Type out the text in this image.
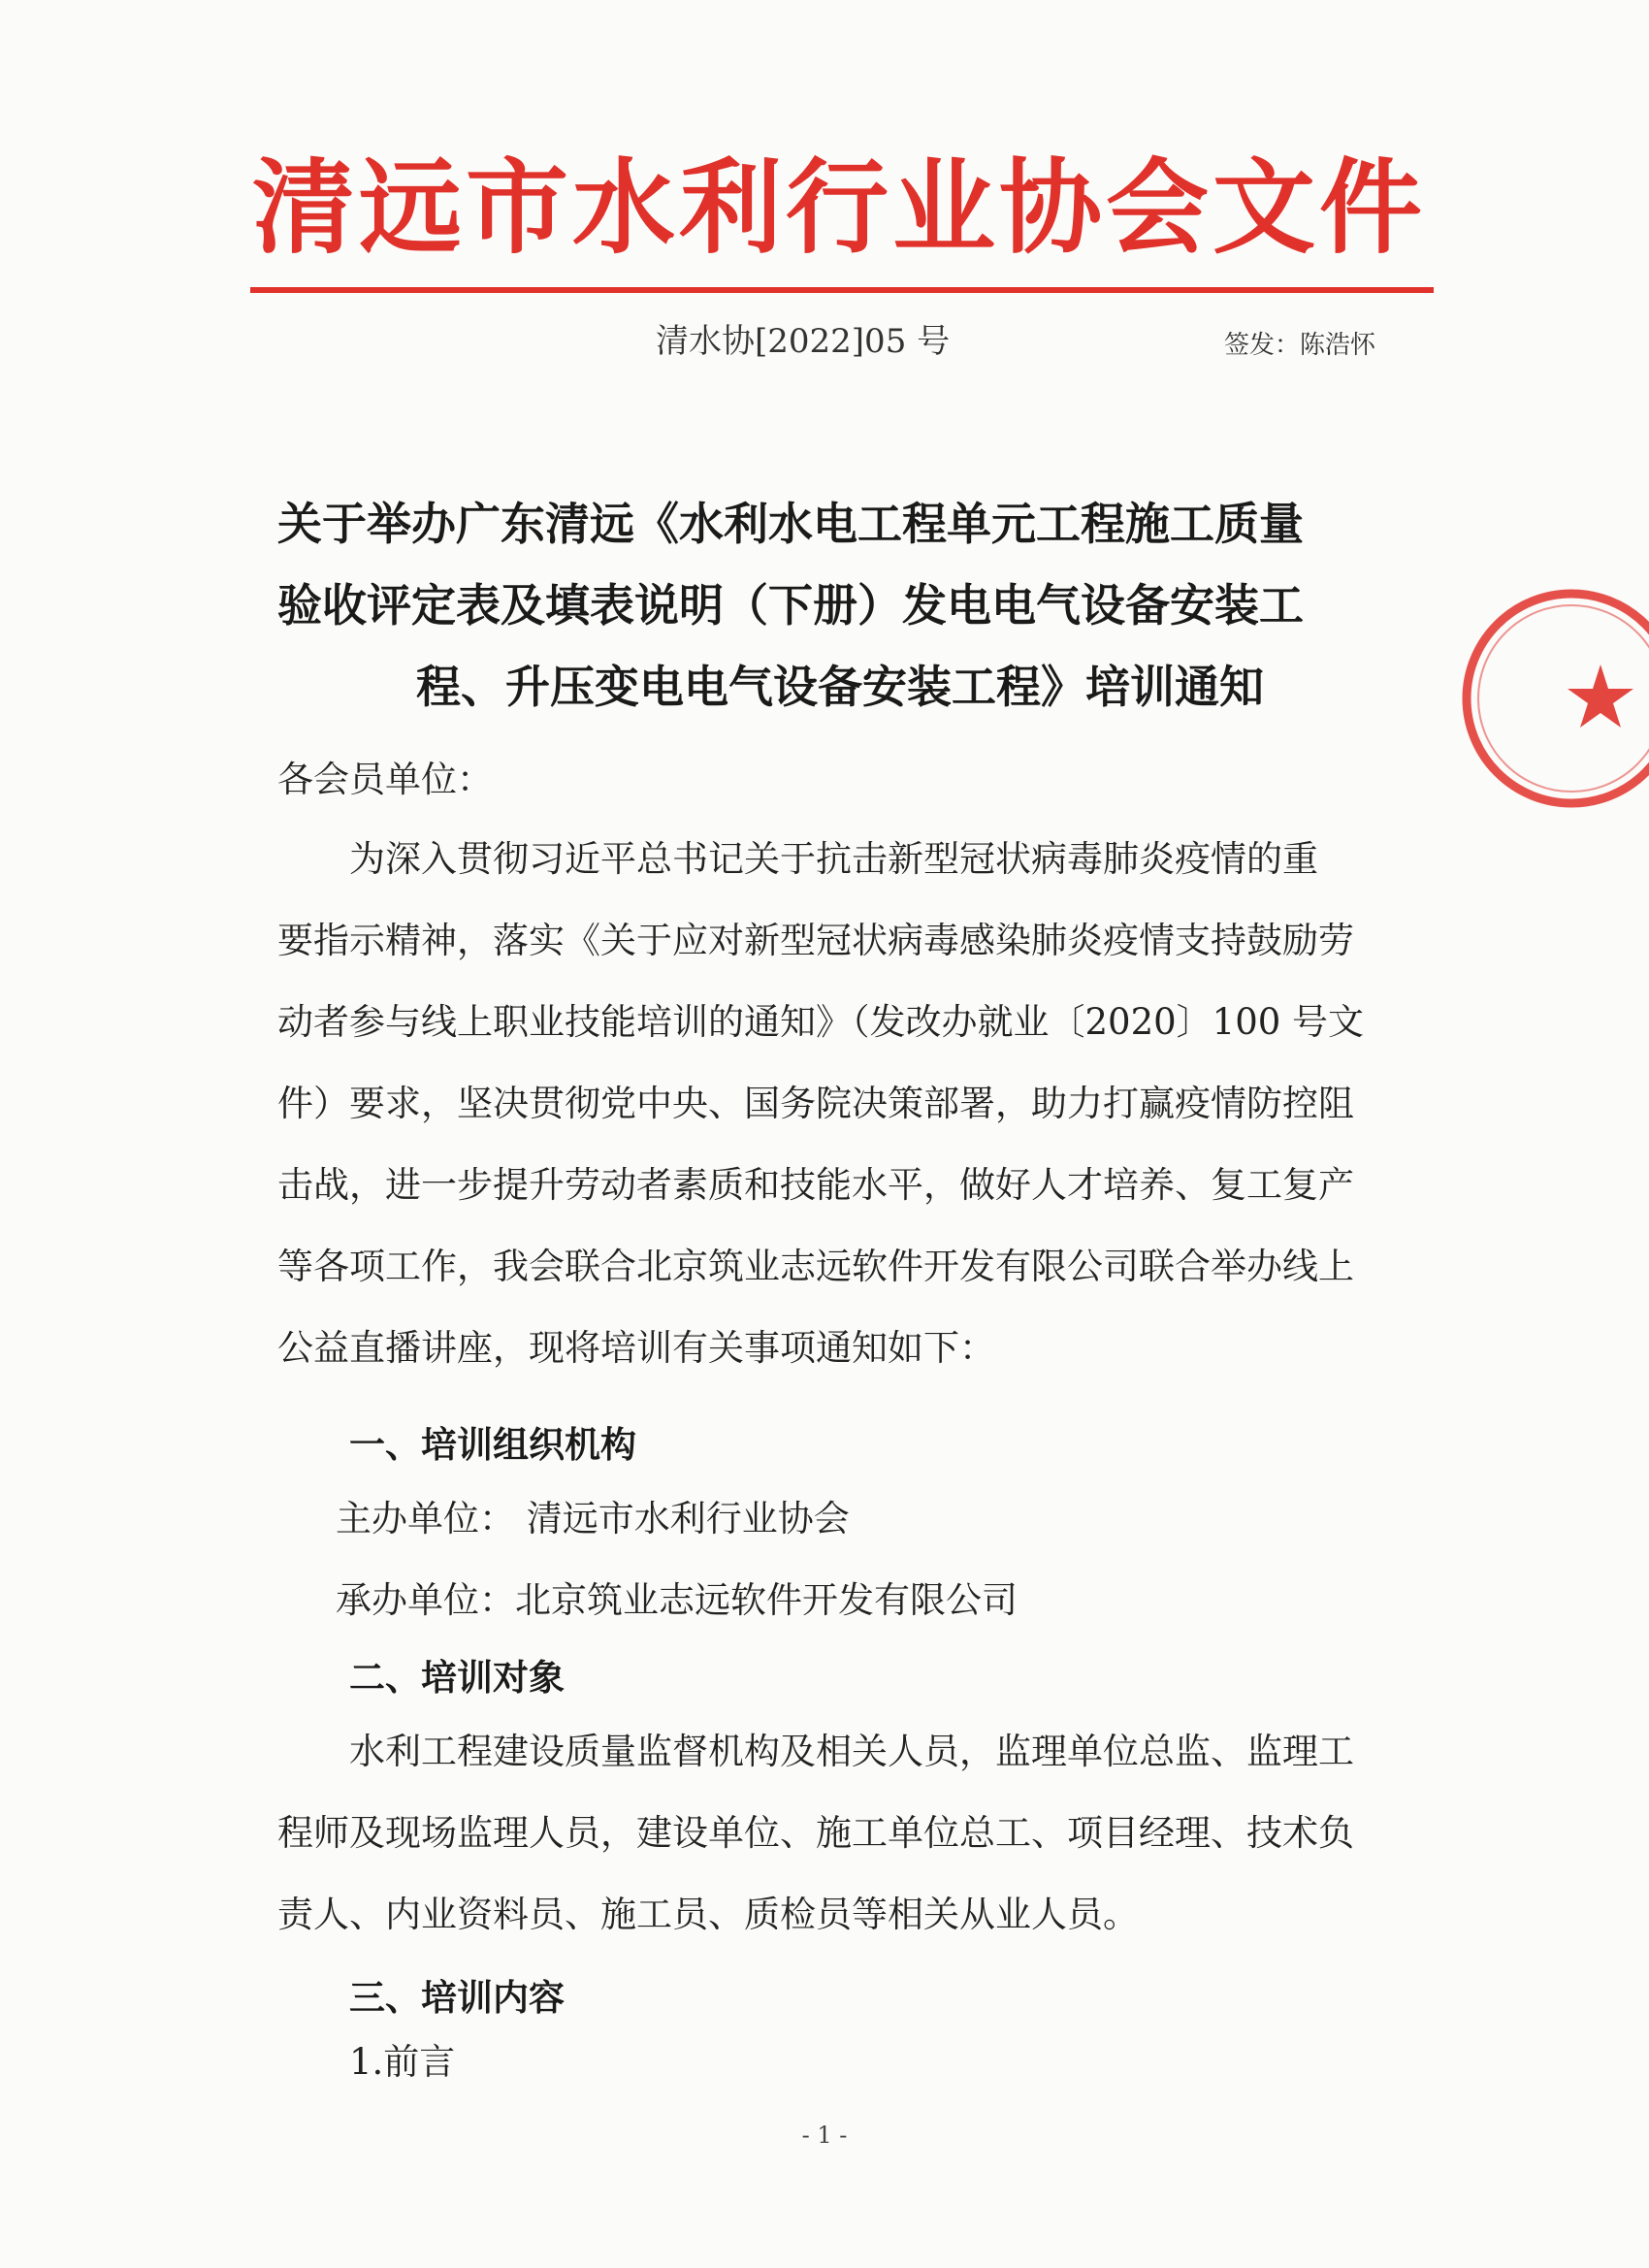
清远市水利行业协会文件
清水协[2022]05 号	签发：陈浩怀
关于举办广东清远《水利水电工程单元工程施工质量
验收评定表及填表说明（下册）发电电气设备安装工
程、升压变电电气设备安装工程》培训通知
各会员单位：
为深入贯彻习近平总书记关于抗击新型冠状病毒肺炎疫情的重
要指示精神，落实《关于应对新型冠状病毒感染肺炎疫情支持鼓励劳
动者参与线上职业技能培训的通知》（发改办就业〔2020〕100 号文
件）要求，坚决贯彻党中央、国务院决策部署，助力打赢疫情防控阻
击战，进一步提升劳动者素质和技能水平，做好人才培养、复工复产
等各项工作，我会联合北京筑业志远软件开发有限公司联合举办线上
公益直播讲座，现将培训有关事项通知如下：
一、培训组织机构
主办单位： 清远市水利行业协会
承办单位：北京筑业志远软件开发有限公司
二、培训对象
水利工程建设质量监督机构及相关人员，监理单位总监、监理工
程师及现场监理人员，建设单位、施工单位总工、项目经理、技术负
责人、内业资料员、施工员、质检员等相关从业人员。
三、培训内容
1.前言
- 1 -
